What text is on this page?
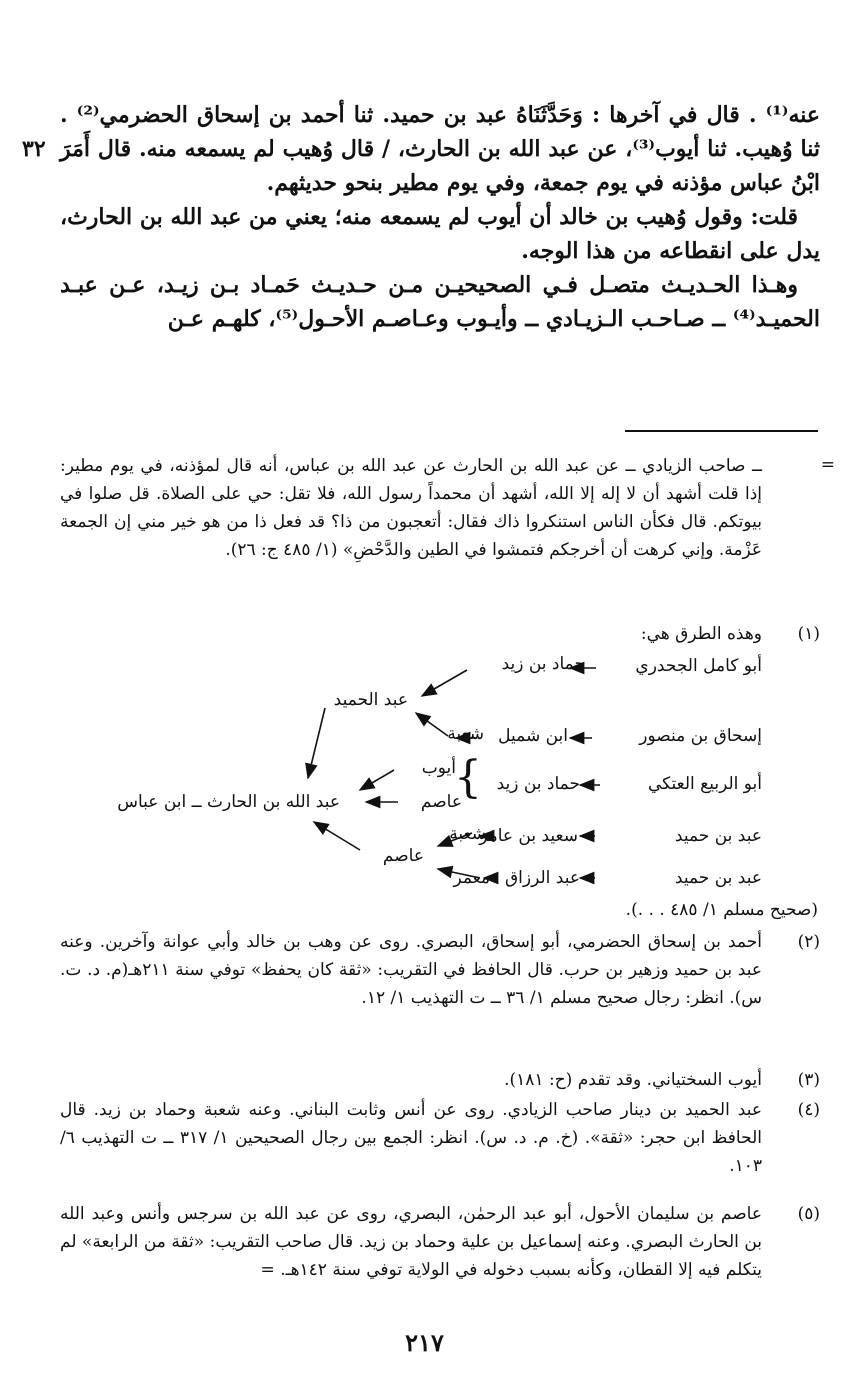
عنه⁽¹⁾ . قال في آخرها : وَحَدَّثَنَاهُ عبد بن حميد. ثنا أحمد بن إسحاق الحضرمي⁽²⁾ . ثنا وُهيب. ثنا أيوب⁽³⁾، عن عبد الله بن الحارث، / قال وُهيب لم يسمعه منه. قال أَمَرَ ابْنُ عباس مؤذنه في يوم جمعة، وفي يوم مطير بنحو حديثهم.

قلت: وقول وُهيب بن خالد أن أيوب لم يسمعه منه؛ يعني من عبد الله بن الحارث، يدل على انقطاعه من هذا الوجه.

وهـذا الحـديـث متصـل فـي الصحيحيـن مـن حـديـث حَمـاد بـن زيـد، عـن عبـد الحميـد⁽⁴⁾ ــ صـاحـب الـزيـادي ــ وأيـوب وعـاصـم الأحـول⁽⁵⁾، كلهـم عـن

٣٢
=
ــ صاحب الزيادي ــ عن عبد الله بن الحارث عن عبد الله بن عباس، أنه قال لمؤذنه، في يوم مطير: إذا قلت أشهد أن لا إله إلا الله، أشهد أن محمداً رسول الله، فلا تقل: حي على الصلاة. قل صلوا في بيوتكم. قال فكأن الناس استنكروا ذاك فقال: أتعجبون من ذا؟ قد فعل ذا من هو خير مني إن الجمعة عَزْمة. وإني كرهت أن أخرجكم فتمشوا في الطين والدَّحْضِ» (١/ ٤٨٥ ج: ٢٦).
(١)
وهذه الطرق هي:
أبو كامل الجحدري
حماد بن زيد
عبد الحميد
إسحاق بن منصور
ابن شميل
شعبة
أيوب
عاصم
{	أبو الربيع العتكي
حماد بن زيد
عبد الله بن الحارث ــ ابن عباس
عبد بن حميد
سعيد بن عامر
شعبة
عاصم
عبد بن حميد
عبد الرزاق
معمر
(صحيح مسلم ١/ ٤٨٥ . . .).
(٢)
أحمد بن إسحاق الحضرمي، أبو إسحاق، البصري. روى عن وهب بن خالد وأبي عوانة وآخرين. وعنه عبد بن حميد وزهير بن حرب. قال الحافظ في التقريب: «ثقة كان يحفظ» توفي سنة ٢١١هـ(م. د. ت. س). انظر: رجال صحيح مسلم ١/ ٣٦ ــ ت التهذيب ١/ ١٢.
(٣)
أيوب السختياني. وقد تقدم (ح: ١٨١).
(٤)
عبد الحميد بن دينار صاحب الزيادي. روى عن أنس وثابت البناني. وعنه شعبة وحماد بن زيد. قال الحافظ ابن حجر: «ثقة». (خ. م. د. س). انظر: الجمع بين رجال الصحيحين ١/ ٣١٧ ــ ت التهذيب ٦/ ١٠٣.
(٥)
عاصم بن سليمان الأحول، أبو عبد الرحمٰن، البصري، روى عن عبد الله بن سرجس وأنس وعبد الله بن الحارث البصري. وعنه إسماعيل بن علية وحماد بن زيد. قال صاحب التقريب: «ثقة من الرابعة» لم يتكلم فيه إلا القطان، وكأنه بسبب دخوله في الولاية توفي سنة ١٤٢هـ. =
٢١٧
